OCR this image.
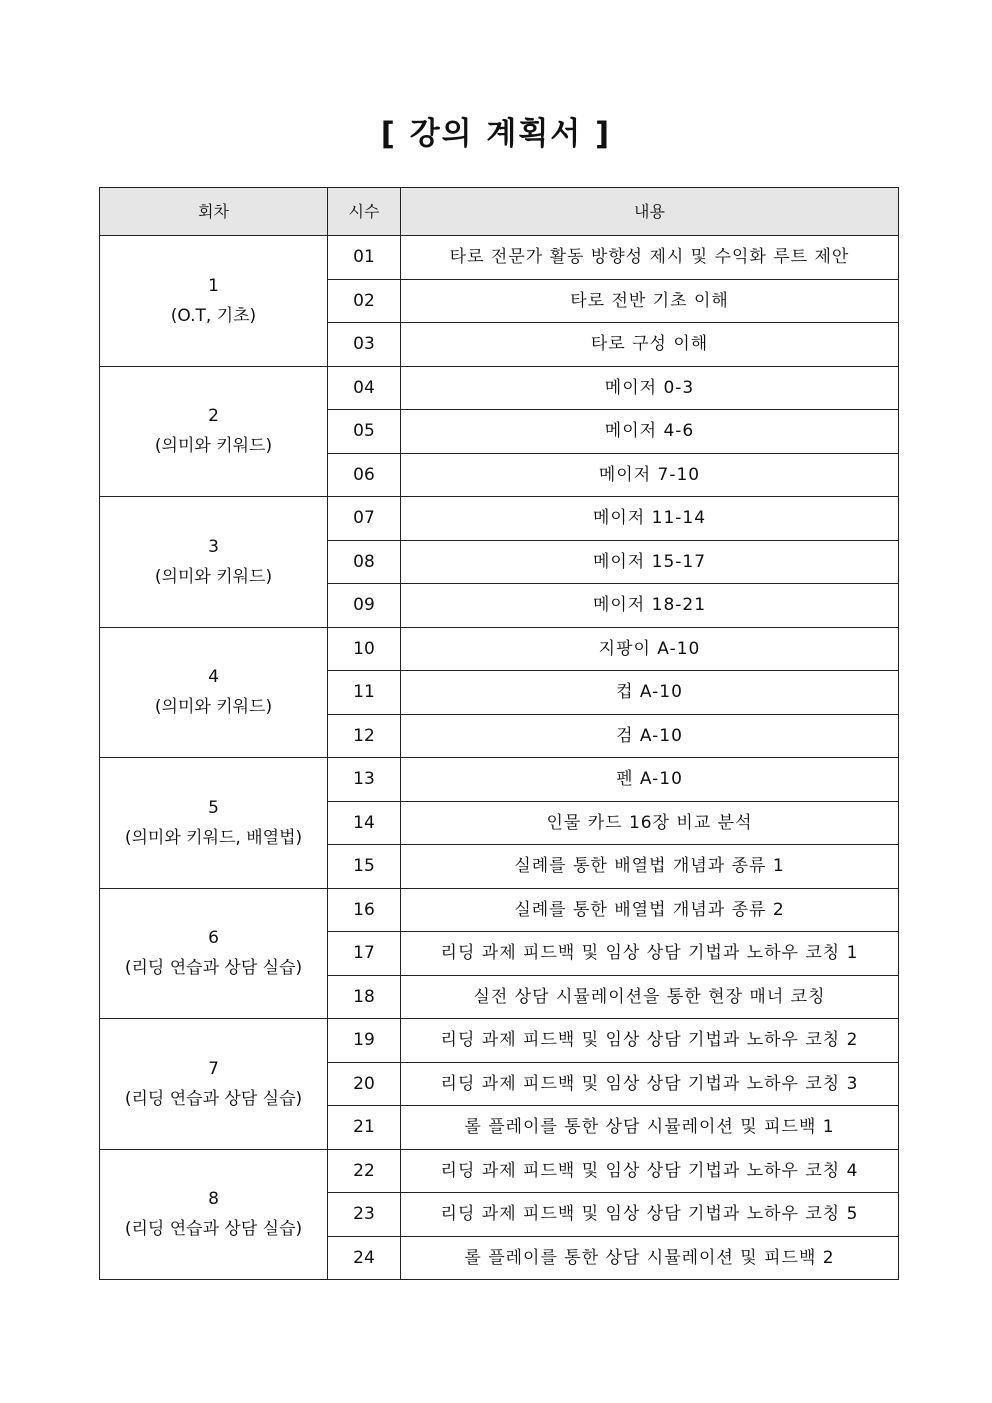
[ 강의 계획서 ]
회차	시수	내용

1
(O.T, 기초)	01	타로 전문가 활동 방향성 제시 및 수익화 루트 제안
	02	타로 전반 기초 이해
	03	타로 구성 이해

2
(의미와 키워드)	04	메이저 0-3
	05	메이저 4-6
	06	메이저 7-10

3
(의미와 키워드)	07	메이저 11-14
	08	메이저 15-17
	09	메이저 18-21

4
(의미와 키워드)	10	지팡이 A-10
	11	컵 A-10
	12	검 A-10

5
(의미와 키워드, 배열법)	13	펜 A-10
	14	인물 카드 16장 비교 분석
	15	실례를 통한 배열법 개념과 종류 1

6
(리딩 연습과 상담 실습)	16	실례를 통한 배열법 개념과 종류 2
	17	리딩 과제 피드백 및 임상 상담 기법과 노하우 코칭 1
	18	실전 상담 시뮬레이션을 통한 현장 매너 코칭

7
(리딩 연습과 상담 실습)	19	리딩 과제 피드백 및 임상 상담 기법과 노하우 코칭 2
	20	리딩 과제 피드백 및 임상 상담 기법과 노하우 코칭 3
	21	롤 플레이를 통한 상담 시뮬레이션 및 피드백 1

8
(리딩 연습과 상담 실습)	22	리딩 과제 피드백 및 임상 상담 기법과 노하우 코칭 4
	23	리딩 과제 피드백 및 임상 상담 기법과 노하우 코칭 5
	24	롤 플레이를 통한 상담 시뮬레이션 및 피드백 2
